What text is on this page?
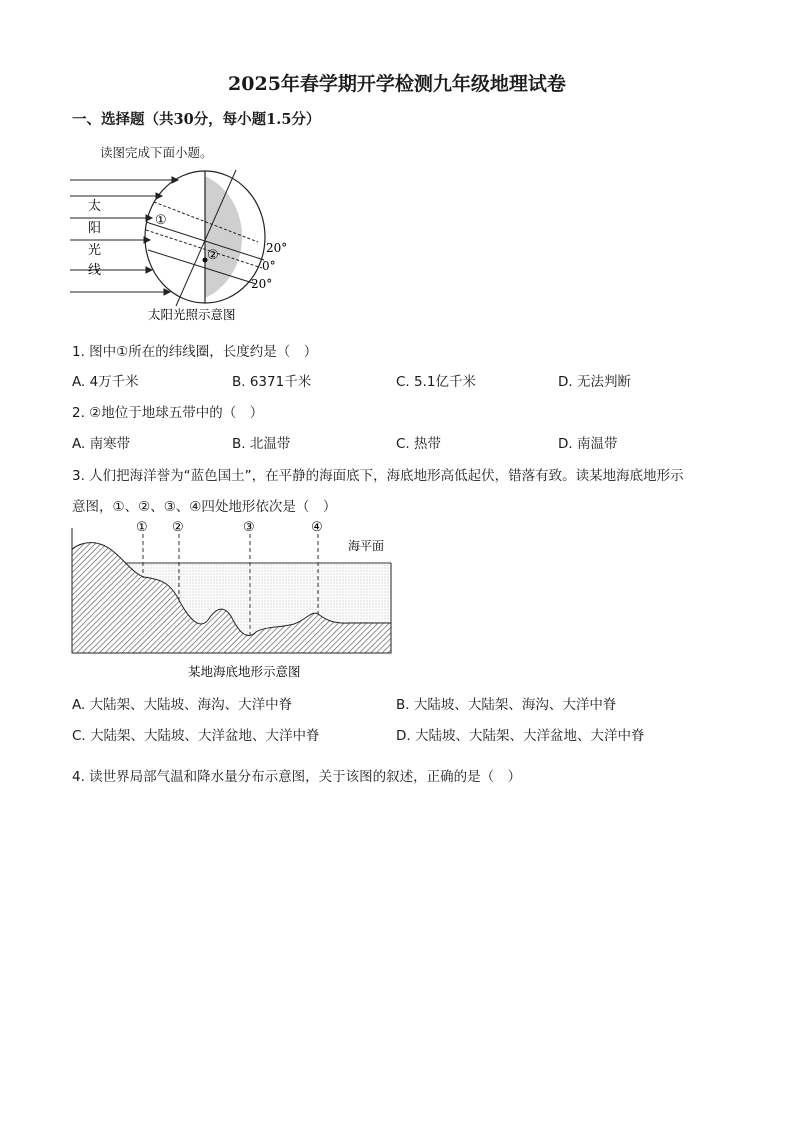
2025年春学期开学检测九年级地理试卷
一、选择题（共30分，每小题1.5分）
读图完成下面小题。
太
阳
光
线
①
②	20°
0°
20°
太阳光照示意图
1. 图中①所在的纬线圈，长度约是（　）
A. 4万千米	B. 6371千米	C. 5.1亿千米	D. 无法判断
2. ②地位于地球五带中的（　）
A. 南寒带	B. 北温带	C. 热带	D. 南温带
3. 人们把海洋誉为“蓝色国土”，在平静的海面底下，海底地形高低起伏，错落有致。读某地海底地形示
意图，①、②、③、④四处地形依次是（　）
① ②	③	④
海平面
某地海底地形示意图
A. 大陆架、大陆坡、海沟、大洋中脊	B. 大陆坡、大陆架、海沟、大洋中脊
C. 大陆架、大陆坡、大洋盆地、大洋中脊	D. 大陆坡、大陆架、大洋盆地、大洋中脊
4. 读世界局部气温和降水量分布示意图，关于该图的叙述，正确的是（　）
